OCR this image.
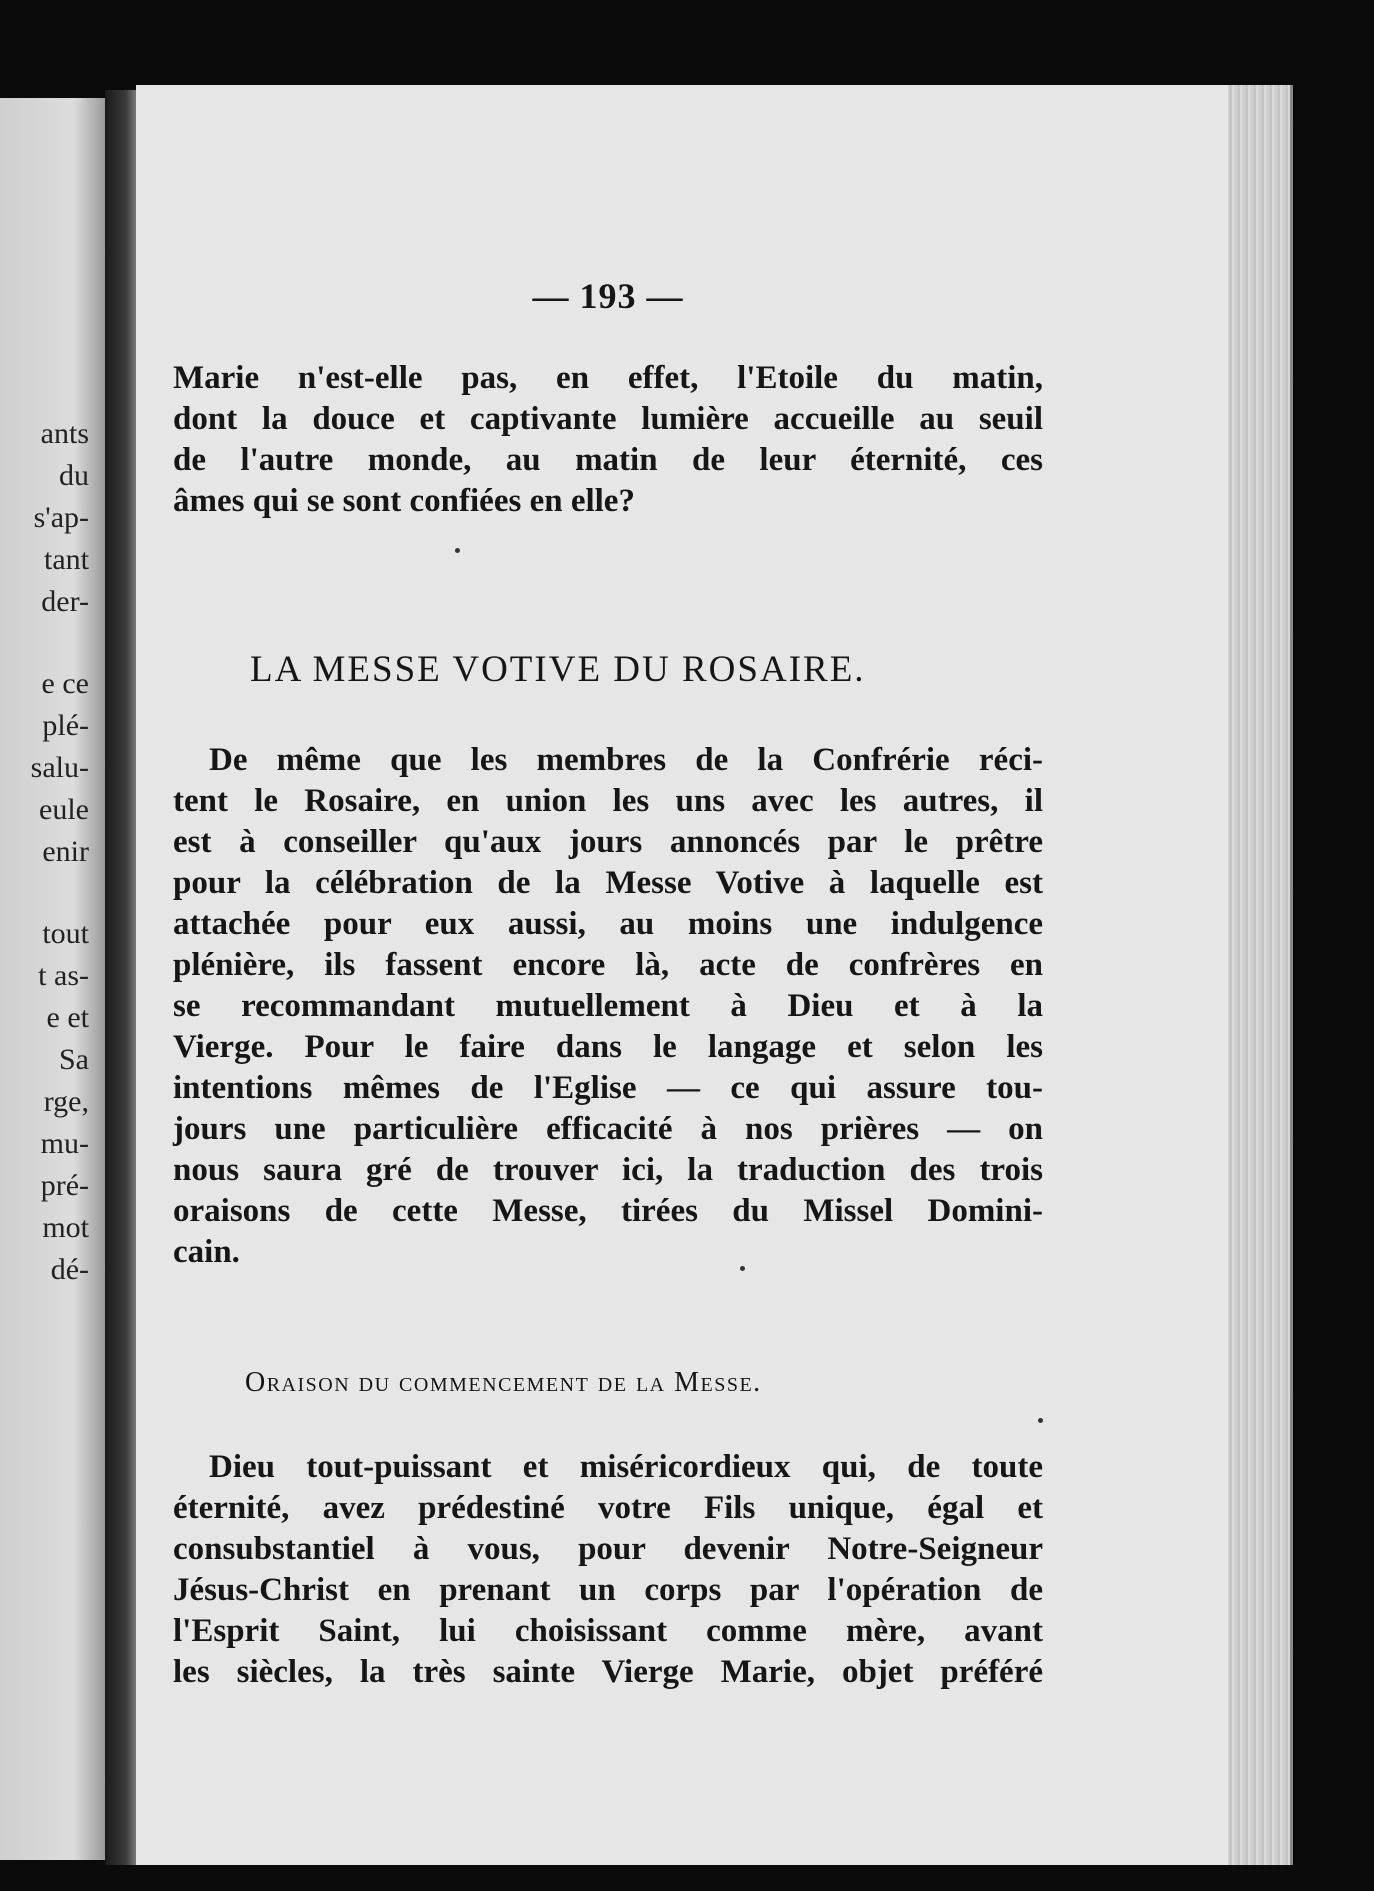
ants
du
s'ap-
tant
der-
e ce
plé-
salu-
eule
enir
tout
t as-
e et
Sa
rge,
mu-
pré-
mot
dé-
— 193 —
Marie n'est-elle pas, en effet, l'Etoile du matin,
dont la douce et captivante lumière accueille au seuil
de l'autre monde, au matin de leur éternité, ces
âmes qui se sont confiées en elle?
LA MESSE VOTIVE DU ROSAIRE.
De même que les membres de la Confrérie réci-
tent le Rosaire, en union les uns avec les autres, il
est à conseiller qu'aux jours annoncés par le prêtre
pour la célébration de la Messe Votive à laquelle est
attachée pour eux aussi, au moins une indulgence
plénière, ils fassent encore là, acte de confrères en
se recommandant mutuellement à Dieu et à la
Vierge. Pour le faire dans le langage et selon les
intentions mêmes de l'Eglise — ce qui assure tou-
jours une particulière efficacité à nos prières — on
nous saura gré de trouver ici, la traduction des trois
oraisons de cette Messe, tirées du Missel Domini-
cain.
Oraison du commencement de la Messe.
Dieu tout-puissant et miséricordieux qui, de toute
éternité, avez prédestiné votre Fils unique, égal et
consubstantiel à vous, pour devenir Notre-Seigneur
Jésus-Christ en prenant un corps par l'opération de
l'Esprit Saint, lui choisissant comme mère, avant
les siècles, la très sainte Vierge Marie, objet préféré
